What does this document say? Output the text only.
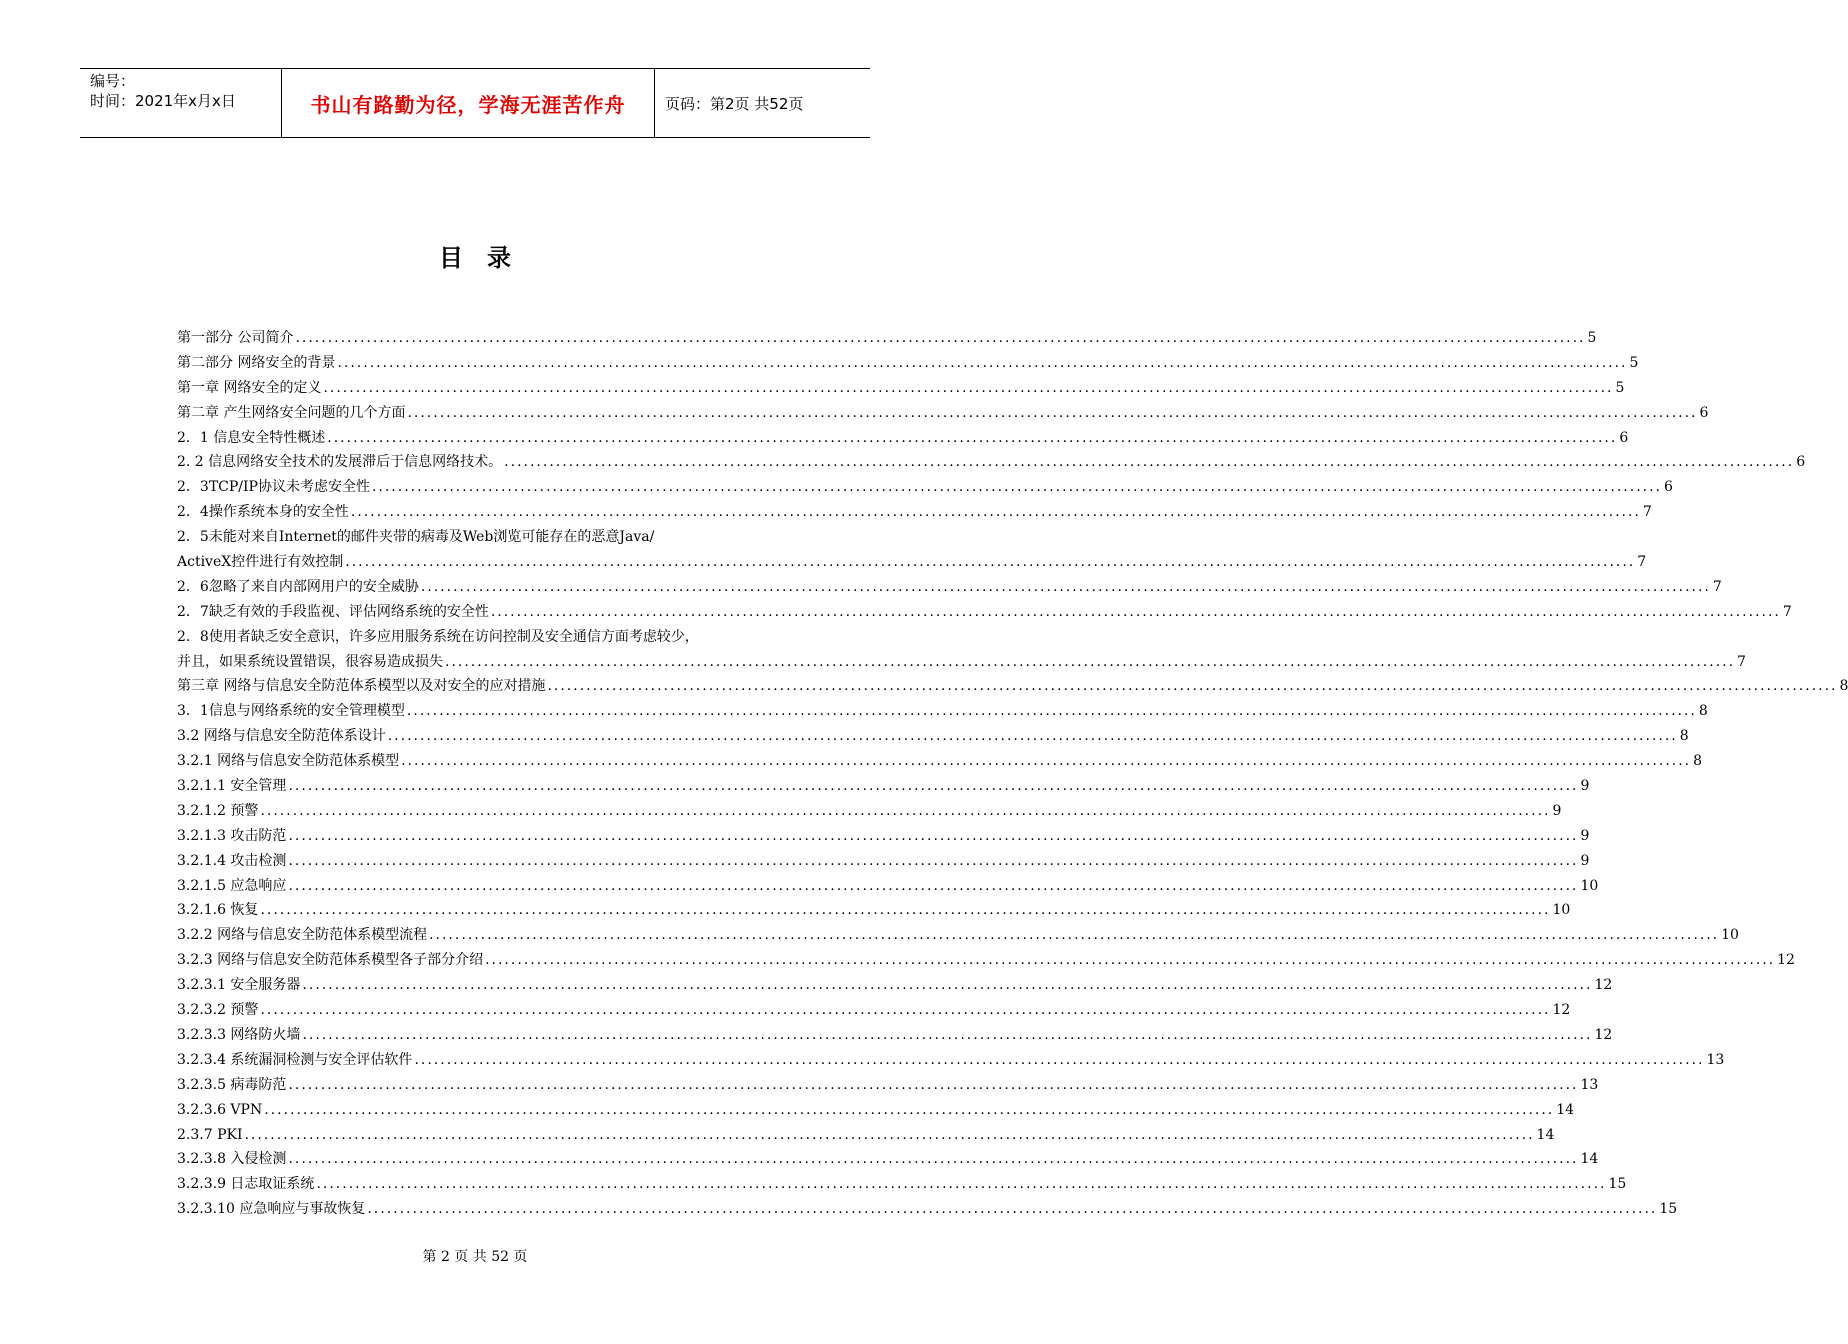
编号：
时间：2021年x月x日	书山有路勤为径，学海无涯苦作舟	页码：第2页 共52页
目录
第一部分 公司简介 ........................................................................................................................................................................................................ 5
第二部分 网络安全的背景 ........................................................................................................................................................................................................ 5
第一章 网络安全的定义 ........................................................................................................................................................................................................ 5
第二章 产生网络安全问题的几个方面 ........................................................................................................................................................................................................ 6
2．1 信息安全特性概述 ........................................................................................................................................................................................................ 6
2. 2 信息网络安全技术的发展滞后于信息网络技术。 ........................................................................................................................................................................................................ 6
2．3TCP/IP协议未考虑安全性 ........................................................................................................................................................................................................ 6
2．4操作系统本身的安全性 ........................................................................................................................................................................................................ 7
2．5未能对来自Internet的邮件夹带的病毒及Web浏览可能存在的恶意Java/
ActiveX控件进行有效控制 ........................................................................................................................................................................................................ 7
2．6忽略了来自内部网用户的安全威胁 ........................................................................................................................................................................................................ 7
2．7缺乏有效的手段监视、评估网络系统的安全性 ........................................................................................................................................................................................................ 7
2．8使用者缺乏安全意识，许多应用服务系统在访问控制及安全通信方面考虑较少，
并且，如果系统设置错误，很容易造成损失 ........................................................................................................................................................................................................ 7
第三章 网络与信息安全防范体系模型以及对安全的应对措施 ........................................................................................................................................................................................................ 8
3．1信息与网络系统的安全管理模型 ........................................................................................................................................................................................................ 8
3.2 网络与信息安全防范体系设计 ........................................................................................................................................................................................................ 8
3.2.1 网络与信息安全防范体系模型 ........................................................................................................................................................................................................ 8
3.2.1.1 安全管理 ........................................................................................................................................................................................................ 9
3.2.1.2 预警 ........................................................................................................................................................................................................ 9
3.2.1.3 攻击防范 ........................................................................................................................................................................................................ 9
3.2.1.4 攻击检测 ........................................................................................................................................................................................................ 9
3.2.1.5 应急响应 ........................................................................................................................................................................................................ 10
3.2.1.6 恢复 ........................................................................................................................................................................................................ 10
3.2.2 网络与信息安全防范体系模型流程 ........................................................................................................................................................................................................ 10
3.2.3 网络与信息安全防范体系模型各子部分介绍 ........................................................................................................................................................................................................ 12
3.2.3.1 安全服务器 ........................................................................................................................................................................................................ 12
3.2.3.2 预警 ........................................................................................................................................................................................................ 12
3.2.3.3 网络防火墙 ........................................................................................................................................................................................................ 12
3.2.3.4 系统漏洞检测与安全评估软件 ........................................................................................................................................................................................................ 13
3.2.3.5 病毒防范 ........................................................................................................................................................................................................ 13
3.2.3.6 VPN ........................................................................................................................................................................................................ 14
2.3.7 PKI ........................................................................................................................................................................................................ 14
3.2.3.8 入侵检测 ........................................................................................................................................................................................................ 14
3.2.3.9 日志取证系统 ........................................................................................................................................................................................................ 15
3.2.3.10 应急响应与事故恢复 ........................................................................................................................................................................................................ 15
第 2 页 共 52 页
